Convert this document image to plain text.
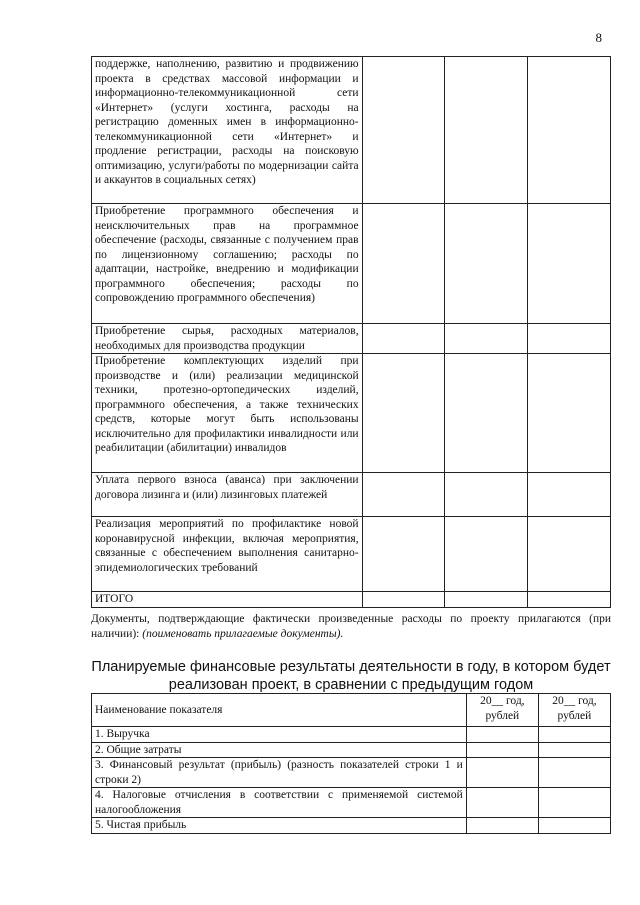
8
поддержке, наполнению, развитию и продвижению проекта в средствах массовой информации и информационно-телекоммуникационной сети «Интернет» (услуги хостинга, расходы на регистрацию доменных имен в информационно-телекоммуникационной сети «Интернет» и продление регистрации, расходы на поисковую оптимизацию, услуги/работы по модернизации сайта и аккаунтов в социальных сетях)			
Приобретение программного обеспечения и неисключительных прав на программное обеспечение (расходы, связанные с получением прав по лицензионному соглашению; расходы по адаптации, настройке, внедрению и модификации программного обеспечения; расходы по сопровождению программного обеспечения)			
Приобретение сырья, расходных материалов, необходимых для производства продукции			
Приобретение комплектующих изделий при производстве и (или) реализации медицинской техники, протезно-ортопедических изделий, программного обеспечения, а также технических средств, которые могут быть использованы исключительно для профилактики инвалидности или реабилитации (абилитации) инвалидов			
Уплата первого взноса (аванса) при заключении договора лизинга и (или) лизинговых платежей			
Реализация мероприятий по профилактике новой коронавирусной инфекции, включая мероприятия, связанные с обеспечением выполнения санитарно-эпидемиологических требований			
ИТОГО			
Документы, подтверждающие фактически произведенные расходы по проекту прилагаются (при наличии): (поименовать прилагаемые документы).
Планируемые финансовые результаты деятельности в году, в котором будет реализован проект, в сравнении с предыдущим годом
Наименование показателя	20__ год, рублей	20__ год, рублей
1. Выручка		
2. Общие затраты		
3. Финансовый результат (прибыль) (разность показателей строки 1 и строки 2)		
4. Налоговые отчисления в соответствии с применяемой системой налогообложения		
5. Чистая прибыль		
